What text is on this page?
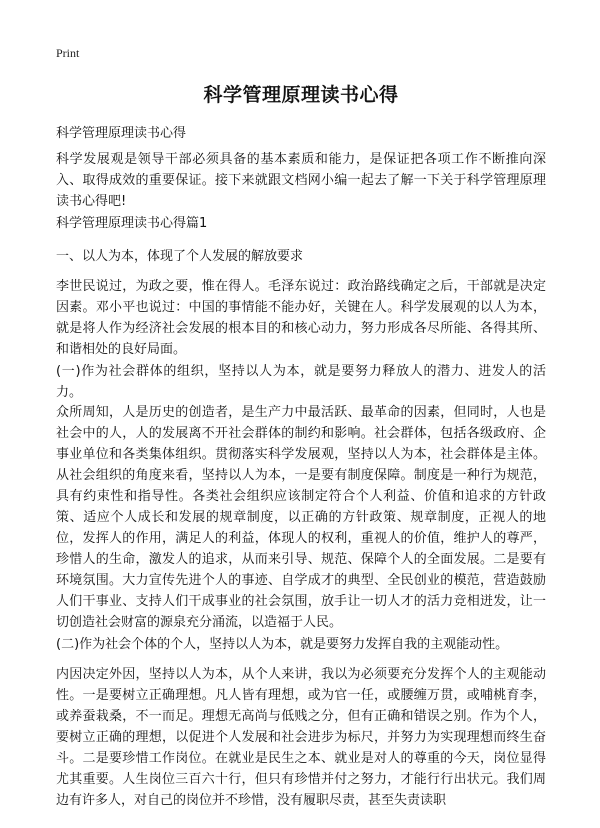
Print
科学管理原理读书心得
科学管理原理读书心得
科学发展观是领导干部必须具备的基本素质和能力，是保证把各项工作不断推向深入、取得成效的重要保证。接下来就跟文档网小编一起去了解一下关于科学管理原理读书心得吧!
科学管理原理读书心得篇1
一、以人为本，体现了个人发展的解放要求
李世民说过，为政之要，惟在得人。毛泽东说过：政治路线确定之后，干部就是决定因素。邓小平也说过：中国的事情能不能办好，关键在人。科学发展观的以人为本，就是将人作为经济社会发展的根本目的和核心动力，努力形成各尽所能、各得其所、和谐相处的良好局面。
(一)作为社会群体的组织，坚持以人为本，就是要努力释放人的潜力、进发人的活力。
众所周知，人是历史的创造者，是生产力中最活跃、最革命的因素，但同时，人也是社会中的人，人的发展离不开社会群体的制约和影响。社会群体，包括各级政府、企事业单位和各类集体组织。贯彻落实科学发展观，坚持以人为本，社会群体是主体。从社会组织的角度来看，坚持以人为本，一是要有制度保障。制度是一种行为规范，具有约束性和指导性。各类社会组织应该制定符合个人利益、价值和追求的方针政策、适应个人成长和发展的规章制度，以正确的方针政策、规章制度，正视人的地位，发挥人的作用，满足人的利益，体现人的权利，重视人的价值，维护人的尊严，珍惜人的生命，激发人的追求，从而来引导、规范、保障个人的全面发展。二是要有环境氛围。大力宣传先进个人的事迹、自学成才的典型、全民创业的模范，营造鼓励人们干事业、支持人们干成事业的社会氛围，放手让一切人才的活力竞相迸发，让一切创造社会财富的源泉充分涌流，以造福于人民。
(二)作为社会个体的个人，坚持以人为本，就是要努力发挥自我的主观能动性。
内因决定外因，坚持以人为本，从个人来讲，我以为必须要充分发挥个人的主观能动性。一是要树立正确理想。凡人皆有理想，或为官一任，或腰缠万贯，或哺桃育李，或养蚕栽桑，不一而足。理想无高尚与低贱之分，但有正确和错误之别。作为个人，要树立正确的理想，以促进个人发展和社会进步为标尺，并努力为实现理想而终生奋斗。二是要珍惜工作岗位。在就业是民生之本、就业是对人的尊重的今天，岗位显得尤其重要。人生岗位三百六十行，但只有珍惜并付之努力，才能行行出状元。我们周边有许多人，对自己的岗位并不珍惜，没有履职尽责，甚至失责读职
